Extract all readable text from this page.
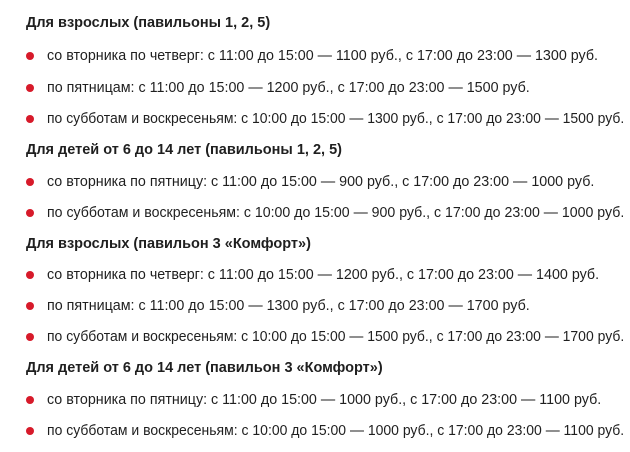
Для взрослых (павильоны 1, 2, 5)
со вторника по четверг: с 11:00 до 15:00 — 1100 руб., с 17:00 до 23:00 — 1300 руб.
по пятницам: с 11:00 до 15:00 — 1200 руб., с 17:00 до 23:00 — 1500 руб.
по субботам и воскресеньям: с 10:00 до 15:00 — 1300 руб., с 17:00 до 23:00 — 1500 руб.
Для детей от 6 до 14 лет (павильоны 1, 2, 5)
со вторника по пятницу: с 11:00 до 15:00 — 900 руб., с 17:00 до 23:00 — 1000 руб.
по субботам и воскресеньям: с 10:00 до 15:00 — 900 руб., с 17:00 до 23:00 — 1000 руб.
Для взрослых (павильон 3 «Комфорт»)
со вторника по четверг: с 11:00 до 15:00 — 1200 руб., с 17:00 до 23:00 — 1400 руб.
по пятницам: с 11:00 до 15:00 — 1300 руб., с 17:00 до 23:00 — 1700 руб.
по субботам и воскресеньям: с 10:00 до 15:00 — 1500 руб., с 17:00 до 23:00 — 1700 руб.
Для детей от 6 до 14 лет (павильон 3 «Комфорт»)
со вторника по пятницу: с 11:00 до 15:00 — 1000 руб., с 17:00 до 23:00 — 1100 руб.
по субботам и воскресеньям: с 10:00 до 15:00 — 1000 руб., с 17:00 до 23:00 — 1100 руб.
